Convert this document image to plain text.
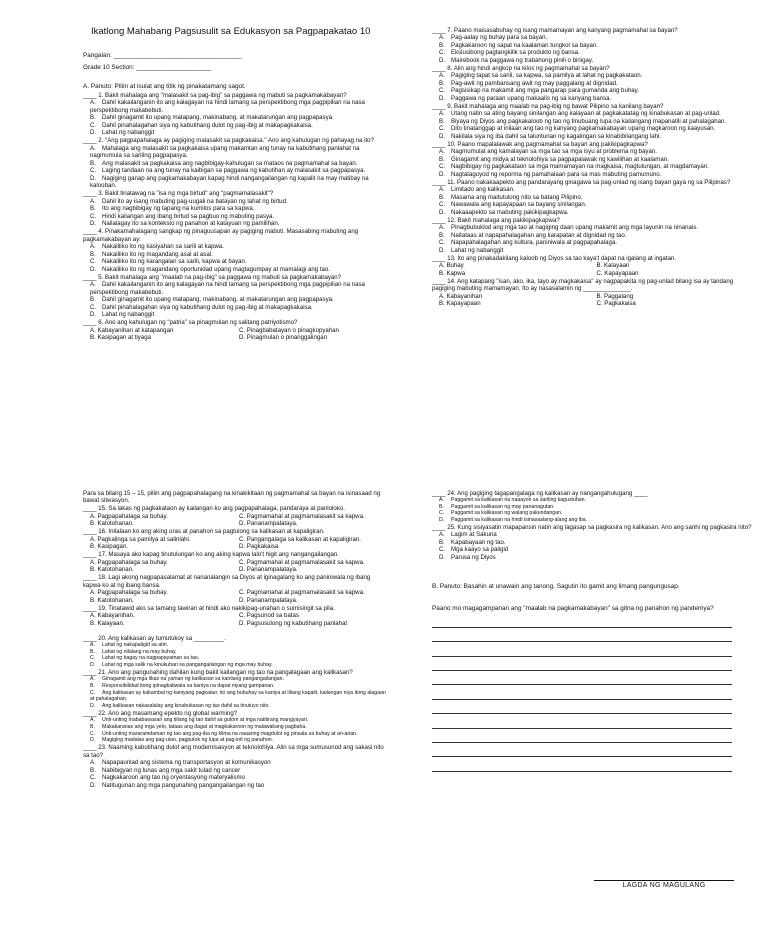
Ikatlong Mahabang Pagsusulit sa Edukasyon sa Pagpapakatao 10

Pangalan: ____________________________________

Grade 10 Section: _____________________

A. Panuto: Piliin at isulat ang titik ng pinakatamang sagot.

____ 1. Bakit mahalaga ang "malasakit sa pag-ibig" sa paggawa ng mabuti sa pagkamakabayan?

A. Dahil kakailanganin ito ang kalagayan na hindi lamang sa perspektibong mga pagpipilian na nasa perspektibong makabebuti.

B. Dahil ginagamit ito upang matapang, makinabang, at makatarungan ang pagpapasya.

C. Dahil pinahalagahan siya ng kabutihang dulot ng pag-ibig at makapagkakaisa.

D. Lahat ng nabanggit

____ 2. "Ang pagpapahalaga ay pagiging malasakit sa pagkakaisa." Ano ang kahulugan ng pahayag na ito?

A. Mahalaga ang malasakit sa pagkakaisa upang makamtan ang tunay na kabutihang panlahat na nagmumula sa sariling pagpapasya.

B. Ang malasakit sa pagkakaisa ang nagbibigay-kahulugan sa mataos na pagmamahal sa bayan.

C. Laging tandaan na ang tunay na kaibigan sa paggawa ng kabutihan ay malasakit sa pagpapasya.

D. Nagiging ganap ang pagkamakabayan kapag hindi nangangailangan ng kapalit na may matibay na kalooban.

____ 3. Bakit tinatawag na "isa ng mga birtud" ang "pagmamalasakit"?

A. Dahil ito ay isang mabuting pag-uugali na batayan ng lahat ng birtud.

B. Ito ang nagbibigay ng tapang na kumilos para sa kapwa.

C. Hindi kailangan ang ibang birtud sa pagbuo ng mabuting pasya.

D. Nailalagay ito sa konteksto ng panahon at katayuan ng pamilihan.

____ 4. Pinakamahalagang sangkap ng pinaguusapan ay pagiging mabuti. Masasabing mabuting ang pagkamakabayan ay:

A. Nakaliliko ito ng kasiyahan sa sarili at kapwa.

B. Nakaliliko ito ng magandang asal at asal.

C. Nakaliliko ito ng karangalan sa sarili, kapwa at bayan.

D. Nakaliliko ito ng magandang oportunidad upang magtagumpay at mamalagi ang tao.

____ 5. Bakit mahalaga ang "maalab na pag-ibig" sa paggawa ng mabuti sa pagkamakabayan?

A. Dahil kakailanganin ito ang kalagayan na hindi lamang sa perspektibong mga pagpipilian na nasa perspektibong makabebuti.

B. Dahil ginagamit ito upang matapang, makinabang, at makatarungan ang pagpapasya.

C. Dahil pinahalagahan siya ng kabutihang dulot ng pag-ibig at makapagkakaisa.

D. Lahat ng nabanggit

____ 6. Ano ang kahulugan ng "patria" sa pinagmulan ng salitang patriyotismo?

A. Kabayanihan at katapangan	C. Pinagbabatayan o pinagkopyahan

B. Kasipagan at tiyaga	D. Pinagmulan o pinanggalingan

____ 7. Paano maisasabuhay ng isang mamamayan ang kanyang pagmamahal sa bayan?

A. Pag-aalay ng buhay para sa bayan.

B. Pagkakaroon ng sapat na kaalaman tungkol sa bayan.

C. Ekslusibong pagtangkilik sa produkto ng bansa.

D. Mairebook na paggawa ng trabahong pinili o binigay.

____ 8. Alin ang hindi angkop na kilos ng pagmamahal sa bayan?

A. Pagiging tapat sa sarili, sa kapwa, sa pamilya at lahat ng pagkakataon.

B. Pag-awit ng pambansang awit ng may paggalang at dignidad.

C. Pagsisikap na makamit ang mga pangarap para gumanda ang buhay.

D. Paggawa ng paraan upang makaalis ng sa kanyang bansa.

____ 9. Bakit mahalaga ang maalab na pag-ibig ng bawat Pilipino sa kanilang bayan?

A. Utang natin sa ating bayang sinilangan ang kalayaan at pagkakatatag ng kinabukasan at pag-unlad.

B. Biyaya ng Diyos ang pagkakaloob ng tao ng tinubuang lupa na kailangang mapanatili at pahalagahan.

C. Dito tinatanggap at inilaan ang tao ng kanyang pagkamakabayan upang magkaroon ng kaayusan.

D. Nakilala siya ng iba dahil sa taluntunan ng kagalingan sa kinabibilangang lahi.

____ 10. Paano mapalalawak ang pagmamahal sa bayan ang pakikipagkapwa?

A. Nagmumulat ang kamalayan sa mga tao sa mga isyu at problema ng bayan.

B. Ginagamit ang midya at teknolohiya sa pagpapalawak ng kawilihan at kaalaman.

C. Nagbibigay ng pagkakataon sa mga mamamayan na magkaisa, magtulungan, at magdamayan.

D. Nagtataguyod ng reporma ng pamahalaan para sa mas mabuting pamumuno.

____ 11. Paano nakakaapekto ang pandarayang ginagawa sa pag-unlad ng isang bayan gaya ng sa Pilipinas?

A. Limitado ang kalikasan.

B. Masama ang maitutulong nito sa batang Pilipino.

C. Nawawala ang kapayapaan sa bayang sinilangan.

D. Nakaaapekto sa mabuting pakikipagkapwa.

____ 12. Bakit mahalaga ang pakikipagkapwa?

A. Pinagbubuklod ang mga tao at nagiging daan upang makamit ang mga layunin na ninanais.

B. Naitataas at napapahalagahan ang karapatan at dignidad ng tao.

C. Napapahalagahan ang kultura, paniniwala at pagpapahalaga.

D. Lahat ng nabanggit

____ 13. Ito ang pinakadakilang kaloob ng Diyos sa tao kaya't dapat na igalang at ingatan.

A. Buhay	B. Kalayaan

B. Kapwa	C. Kapayapaan

____ 14. Ang katapang "isan, ako, ika, tayo ay magkakaisa" ay nagpapakita ng pag-unlad bilang isa ay tandang pagiging mabuting mamamayan. Ito ay nasasalamin ng ______________.

A. Kabayanihan	B. Paggalang

B. Kapayapaan	C. Pagkakaisa

Para sa bilang 15 – 15, piliin ang pagpapahalagang na kinakikitaan ng pagmamahal sa bayan na isinasaad ng bawat sitwasyon.

____ 15. Sa lakas ng pagkakataon ay kailangan ko ang pagpapahalaga, pandaraya at panloloko.

A. Pagpapahalaga sa buhay.	C. Pagmamahal at pagmamalasakit sa kapwa.

B. Katotohanan.	D. Pananampalataya.

____ 16. Inilalaan ko ang aking oras at panahon sa pagtulong sa kalikasan at kapaligiran.

A. Pagkalinga sa pamilya at salinlahi.	C. Pangangalaga sa kalikasan at kapaligiran.

B. Kasipagan.	D. Pagkakaisa

____ 17. Masaya ako kapag tinutulungan ko ang aking kapwa lalo't higit ang nangangailangan.

A. Pagpapahalaga sa buhay.	C. Pagmamahal at pagmamalasakit sa kapwa.

B. Katotohanan.	D. Pananampalataya.

____ 18. Lagi akong nagpapasalamat at nananalangin sa Diyos at iginagalang ko ang paniniwala ng ibang kapwa ko at ng ibang bansa.

A. Pagpapahalaga sa buhay.	C. Pagmamahal at pagmamalasakit sa kapwa.

B. Katotohanan.	D. Pananampalataya.

____ 19. Tinatawid ako sa tamang tawiran at hindi ako nakikipag-unahan o sumisingit sa pila.

A. Kabayanihan.	C. Pagsunod sa batas

B. Kalayaan.	D. Pagsusulong ng kabutihang panlahat

____ 20. Ang kalikasan ay tumutukoy sa _________.

A. Lahat ng nakapaligid sa atin.

B. Lahat ng nilalang na may buhay.

C. Lahat ng bagay na nagpapayaman sa tao.

D. Lahat ng mga salik na kinukuhan sa pangangailangan ng mga may buhay.

____ 21. Ano ang pangunahing dahilan kung bakit kailangan ng tao na pangalagaan ang kalikasan?

A. Ginagamit ang mga likas na yaman ng kalikasan sa kanilang pangangailangan.

B. Responsibilidad itong ipinagkatiwala sa kaniya na dapat niyang gampanan.

C. Ang kalikasan ay kakambal ng kaniyang pagkatao; ito ang bubuhay sa kaniya at liliang kapalit, kailangan niya itong alagaan at pahalagahan.

D. Ang kalikasan nakasalalay ang kinabukasan ng tao dahil sa tinutuyo nito.

____ 22. Ano ang masamang epekto ng global warming?

A. Unti-unting mababawasan ang tiilang ng tao dahil sa gutom at mga natitirang mangyayari.

B. Makakaranas ang mga yelo, tataas ang dagat at magkakaroon ng malawakang pagbaha.

C. Unti-unting mararamdaman ng tao ang pag-iba ng klima na naaaring magdulot ng pinsala sa buhay at ari-arian.

D. Magiging madalas ang pag-ulan, pagputok ng lupa at pag-init ng panahon.

____ 23. Naaming kabutihang dulot ang modernisasyon at teknolohiya. Alin sa mga sumusunod ang sakasi nito sa tao?

A. Napapaunlad ang sistema ng transportasyon at komunikasyon

B. Nabibigyan ng lunas ang mga sakit tulad ng cancer

C. Nagkakaroon ang tao ng oryentasyong materyalismo

D. Natitugunan ang mga pangunahing pangangailangan ng tao

____ 24. Ang pagiging tagapangalaga ng kalikasan ay nangangahulugang ____

A. Paggamit sa kalikasan na naaayon sa sariling kagustuhan.

B. Paggamit sa kalikasan ng may pananagutan.

C. Paggamit sa kalikasan ng walang pakundangan.

D. Paggamit sa kalikasan na hindi isinasaalang-alang ang iba.

____ 25. Kung sisiyasatin mapapansin natin ang lagasap sa pagkasira ng kalikasan. Ano ang sanhi ng pagkasira nito?

A. Lagim at Sakuna

B. Kapabayaan ng tao.

C. Mga kaayo sa paligid

D. Parusa ng Diyos

B. Panuto: Basahin at unawain ang tanong. Sagutin ito gamit ang limang pangungusap.

Paano mo magagampanan ang "maalab na pagkamakabayan" sa gitna ng panahon ng pandemya?

LAGDA NG MAGULANG
